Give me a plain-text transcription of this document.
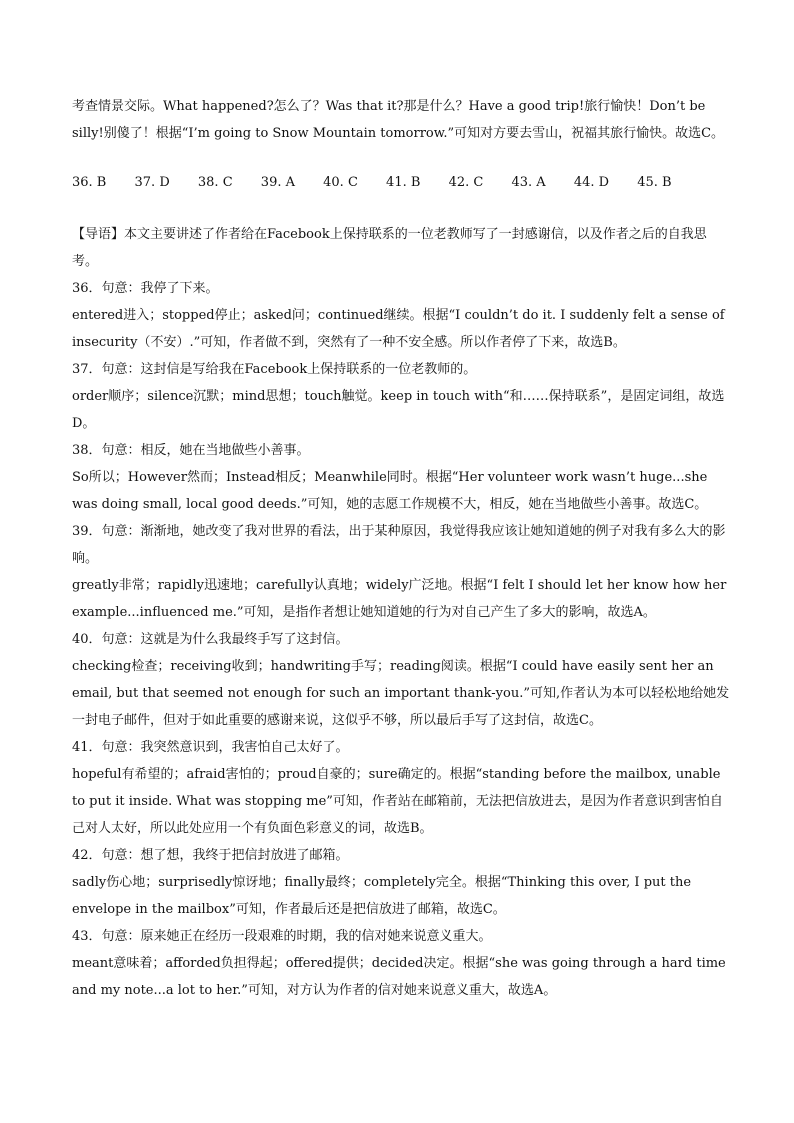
考查情景交际。What happened?怎么了？Was that it?那是什么？Have a good trip!旅行愉快！Don’t be silly!别傻了！根据“I’m going to Snow Mountain tomorrow.”可知对方要去雪山，祝福其旅行愉快。故选C。

36. B 37. D 38. C 39. A 40. C 41. B 42. C 43. A 44. D 45. B

【导语】本文主要讲述了作者给在Facebook上保持联系的一位老教师写了一封感谢信，以及作者之后的自我思考。

36．句意：我停了下来。

entered进入；stopped停止；asked问；continued继续。根据“I couldn’t do it. I suddenly felt a sense of insecurity（不安）.”可知，作者做不到，突然有了一种不安全感。所以作者停了下来，故选B。

37．句意：这封信是写给我在Facebook上保持联系的一位老教师的。

order顺序；silence沉默；mind思想；touch触觉。keep in touch with“和……保持联系”，是固定词组，故选D。

38．句意：相反，她在当地做些小善事。

So所以；However然而；Instead相反；Meanwhile同时。根据“Her volunteer work wasn’t huge...she was doing small, local good deeds.”可知，她的志愿工作规模不大，相反，她在当地做些小善事。故选C。

39．句意：渐渐地，她改变了我对世界的看法，出于某种原因，我觉得我应该让她知道她的例子对我有多么大的影响。

greatly非常；rapidly迅速地；carefully认真地；widely广泛地。根据“I felt I should let her know how her example...influenced me.”可知，是指作者想让她知道她的行为对自己产生了多大的影响，故选A。

40．句意：这就是为什么我最终手写了这封信。

checking检查；receiving收到；handwriting手写；reading阅读。根据“I could have easily sent her an email, but that seemed not enough for such an important thank-you.”可知,作者认为本可以轻松地给她发一封电子邮件，但对于如此重要的感谢来说，这似乎不够，所以最后手写了这封信，故选C。

41．句意：我突然意识到，我害怕自己太好了。

hopeful有希望的；afraid害怕的；proud自豪的；sure确定的。根据“standing before the mailbox, unable to put it inside. What was stopping me”可知，作者站在邮箱前，无法把信放进去，是因为作者意识到害怕自己对人太好，所以此处应用一个有负面色彩意义的词，故选B。

42．句意：想了想，我终于把信封放进了邮箱。

sadly伤心地；surprisedly惊讶地；finally最终；completely完全。根据“Thinking this over, I put the envelope in the mailbox”可知，作者最后还是把信放进了邮箱，故选C。

43．句意：原来她正在经历一段艰难的时期，我的信对她来说意义重大。

meant意味着；afforded负担得起；offered提供；decided决定。根据“she was going through a hard time and my note...a lot to her.”可知，对方认为作者的信对她来说意义重大，故选A。
